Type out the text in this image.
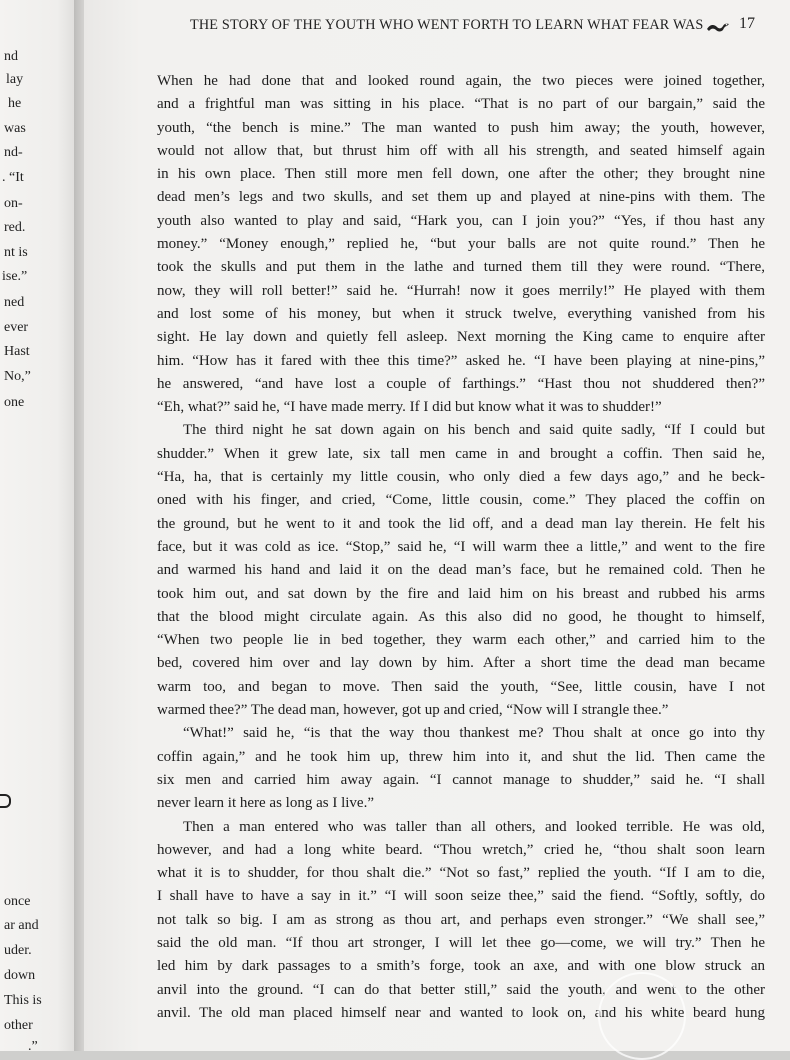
nd
lay
he
was
nd-
. “It
on-
red.
nt is
ise.”
ned
ever
Hast
No,”
one
once
ar and
uder.
down
This is
other
.”
THE STORY OF THE YOUTH WHO WENT FORTH TO LEARN WHAT FEAR WAS 17
When he had done that and looked round again, the two pieces were joined together,
and a frightful man was sitting in his place. “That is no part of our bargain,” said the
youth, “the bench is mine.” The man wanted to push him away; the youth, however,
would not allow that, but thrust him off with all his strength, and seated himself again
in his own place. Then still more men fell down, one after the other; they brought nine
dead men’s legs and two skulls, and set them up and played at nine-pins with them. The
youth also wanted to play and said, “Hark you, can I join you?” “Yes, if thou hast any
money.” “Money enough,” replied he, “but your balls are not quite round.” Then he
took the skulls and put them in the lathe and turned them till they were round. “There,
now, they will roll better!” said he. “Hurrah! now it goes merrily!” He played with them
and lost some of his money, but when it struck twelve, everything vanished from his
sight. He lay down and quietly fell asleep. Next morning the King came to enquire after
him. “How has it fared with thee this time?” asked he. “I have been playing at nine-pins,”
he answered, “and have lost a couple of farthings.” “Hast thou not shuddered then?”
“Eh, what?” said he, “I have made merry. If I did but know what it was to shudder!”
The third night he sat down again on his bench and said quite sadly, “If I could but
shudder.” When it grew late, six tall men came in and brought a coffin. Then said he,
“Ha, ha, that is certainly my little cousin, who only died a few days ago,” and he beck-
oned with his finger, and cried, “Come, little cousin, come.” They placed the coffin on
the ground, but he went to it and took the lid off, and a dead man lay therein. He felt his
face, but it was cold as ice. “Stop,” said he, “I will warm thee a little,” and went to the fire
and warmed his hand and laid it on the dead man’s face, but he remained cold. Then he
took him out, and sat down by the fire and laid him on his breast and rubbed his arms
that the blood might circulate again. As this also did no good, he thought to himself,
“When two people lie in bed together, they warm each other,” and carried him to the
bed, covered him over and lay down by him. After a short time the dead man became
warm too, and began to move. Then said the youth, “See, little cousin, have I not
warmed thee?” The dead man, however, got up and cried, “Now will I strangle thee.”
“What!” said he, “is that the way thou thankest me? Thou shalt at once go into thy
coffin again,” and he took him up, threw him into it, and shut the lid. Then came the
six men and carried him away again. “I cannot manage to shudder,” said he. “I shall
never learn it here as long as I live.”
Then a man entered who was taller than all others, and looked terrible. He was old,
however, and had a long white beard. “Thou wretch,” cried he, “thou shalt soon learn
what it is to shudder, for thou shalt die.” “Not so fast,” replied the youth. “If I am to die,
I shall have to have a say in it.” “I will soon seize thee,” said the fiend. “Softly, softly, do
not talk so big. I am as strong as thou art, and perhaps even stronger.” “We shall see,”
said the old man. “If thou art stronger, I will let thee go—come, we will try.” Then he
led him by dark passages to a smith’s forge, took an axe, and with one blow struck an
anvil into the ground. “I can do that better still,” said the youth, and went to the other
anvil. The old man placed himself near and wanted to look on, and his white beard hung
